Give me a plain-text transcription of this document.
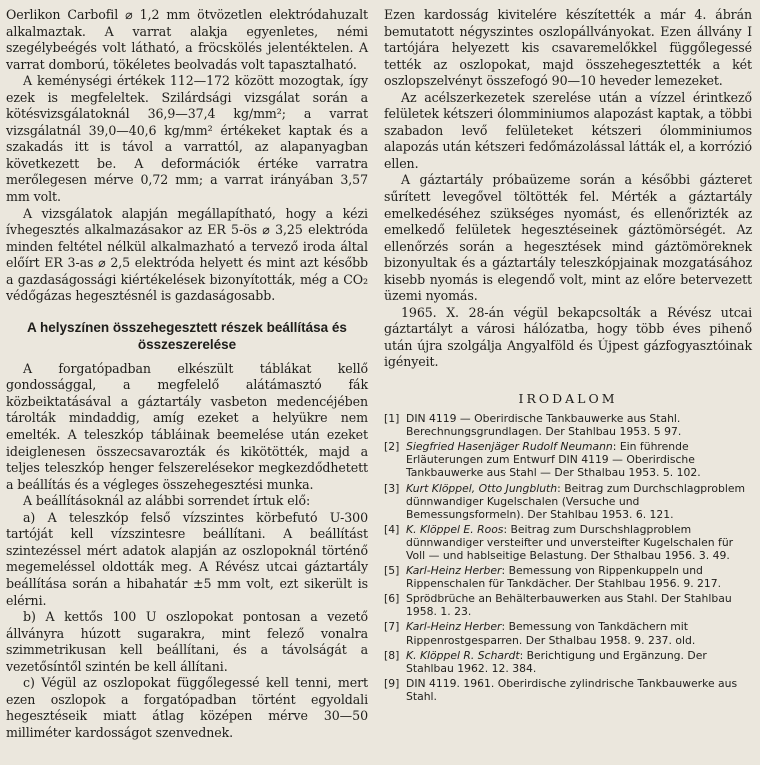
Oerlikon Carbofil ⌀ 1,2 mm ötvözetlen elektródahuzalt alkalmaztak. A varrat alakja egyenletes, némi szegélybeégés volt látható, a fröcskölés jelentéktelen. A varrat domború, tökéletes beolvadás volt tapasztalható.

A keménységi értékek 112—172 között mozogtak, így ezek is megfeleltek. Szilárdsági vizsgálat során a kötésvizsgálatoknál 36,9—37,4 kg/mm²; a varrat vizsgálatnál 39,0—40,6 kg/mm² értékeket kaptak és a szakadás itt is távol a varrattól, az alapanyagban következett be. A deformációk értéke varratra merőlegesen mérve 0,72 mm; a varrat irányában 3,57 mm volt.

A vizsgálatok alapján megállapítható, hogy a kézi ívhegesztés alkalmazásakor az ER 5-ös ⌀ 3,25 elektróda minden feltétel nélkül alkalmazható a tervező iroda által előírt ER 3-as ⌀ 2,5 elektróda helyett és mint azt később a gazdaságossági kiértékelések bizonyították, még a CO₂ védőgázas hegesztésnél is gazdaságosabb.

A helyszínen összehegesztett részek beállítása és összeszerelése

A forgatópadban elkészült táblákat kellő gondossággal, a megfelelő alátámasztó fák közbeiktatásával a gáztartály vasbeton medencéjében tárolták mindaddig, amíg ezeket a helyükre nem emelték. A teleszkóp tábláinak beemelése után ezeket ideiglenesen összecsavarozták és kikötötték, majd a teljes teleszkóp henger felszerelésekor megkezdődhetett a beállítás és a végleges összehegesztési munka.

A beállításoknál az alábbi sorrendet írtuk elő:

a) A teleszkóp felső vízszintes körbefutó U-300 tartóját kell vízszintesre beállítani. A beállítást szintezéssel mért adatok alapján az oszlopoknál történő megemeléssel oldották meg. A Révész utcai gáztartály beállítása során a hibahatár ±5 mm volt, ezt sikerült is elérni.

b) A kettős 100 U oszlopokat pontosan a vezető állványra húzott sugarakra, mint felező vonalra szimmetrikusan kell beállítani, és a távolságát a vezetősíntől szintén be kell állítani.

c) Végül az oszlopokat függőlegessé kell tenni, mert ezen oszlopok a forgatópadban történt egyoldali hegesztéseik miatt átlag középen mérve 30—50 milliméter kardosságot szenvednek.

Ezen kardosság kivitelére készítették a már 4. ábrán bemutatott négyszintes oszlopállványokat. Ezen állvány I tartójára helyezett kis csavaremelőkkel függőlegessé tették az oszlopokat, majd összehegesztették a két oszlopszelvényt összefogó 90—10 heveder lemezeket.

Az acélszerkezetek szerelése után a vízzel érintkező felületek kétszeri ólomminiumos alapozást kaptak, a többi szabadon levő felületeket kétszeri ólomminiumos alapozás után kétszeri fedőmázolással látták el, a korrózió ellen.

A gáztartály próbaüzeme során a későbbi gázteret sűrített levegővel töltötték fel. Mérték a gáztartály emelkedéséhez szükséges nyomást, és ellenőrizték az emelkedő felületek hegesztéseinek gáztömörségét. Az ellenőrzés során a hegesztések mind gáztömöreknek bizonyultak és a gáztartály teleszkópjainak mozgatásához kisebb nyomás is elegendő volt, mint az előre betervezett üzemi nyomás.

1965. X. 28-án végül bekapcsolták a Révész utcai gáztartályt a városi hálózatba, hogy több éves pihenő után újra szolgálja Angyalföld és Újpest gázfogyasztóinak igényeit.

IRODALOM
[1] DIN 4119 — Oberirdische Tankbauwerke aus Stahl. Berechnungsgrundlagen. Der Stahlbau 1953. 5 97.
[2] Siegfried Hasenjäger Rudolf Neumann: Ein führende Erläuterungen zum Entwurf DIN 4119 — Oberirdische Tankbauwerke aus Stahl — Der Sthalbau 1953. 5. 102.
[3] Kurt Klöppel, Otto Jungbluth: Beitrag zum Durchschlagproblem dünnwandiger Kugelschalen (Versuche und Bemessungsformeln). Der Stahlbau 1953. 6. 121.
[4] K. Klöppel E. Roos: Beitrag zum Durschshlagproblem dünnwandiger versteifter und unversteifter Kugelschalen für Voll — und hablseitige Belastung. Der Sthalbau 1956. 3. 49.
[5] Karl-Heinz Herber: Bemessung von Rippenkuppeln und Rippenschalen für Tankdächer. Der Stahlbau 1956. 9. 217.
[6] Sprödbrüche an Behälterbauwerken aus Stahl. Der Stahlbau 1958. 1. 23.
[7] Karl-Heinz Herber: Bemessung von Tankdächern mit Rippenrostgesparren. Der Sthalbau 1958. 9. 237. old.
[8] K. Klöppel R. Schardt: Berichtigung und Ergänzung. Der Stahlbau 1962. 12. 384.
[9] DIN 4119. 1961. Oberirdische zylindrische Tankbauwerke aus Stahl.
